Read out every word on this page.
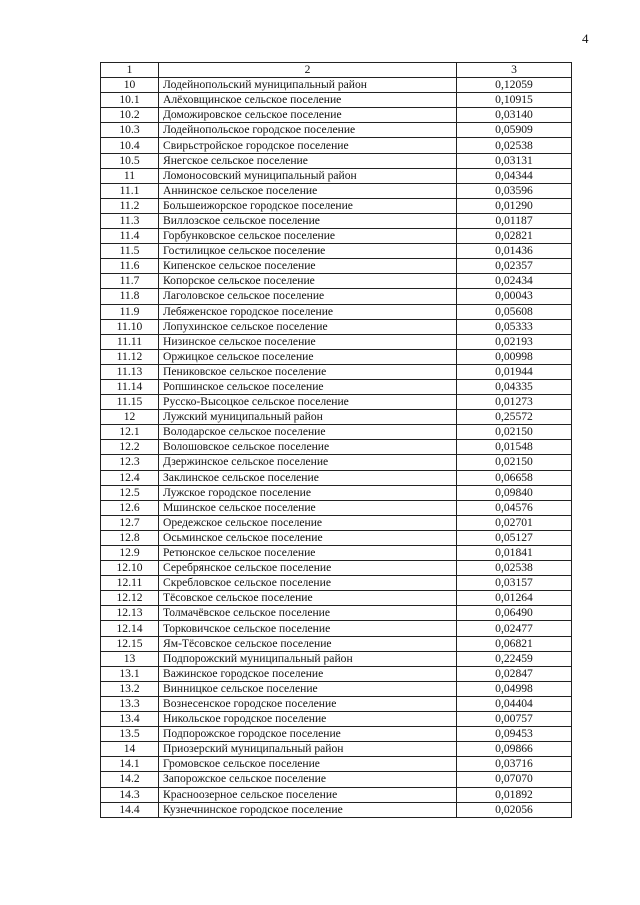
4
1	2	3
10	Лодейнопольский муниципальный район	0,12059
10.1	Алёховщинское сельское поселение	0,10915
10.2	Доможировское сельское поселение	0,03140
10.3	Лодейнопольское городское поселение	0,05909
10.4	Свирьстройское городское поселение	0,02538
10.5	Янегское сельское поселение	0,03131
11	Ломоносовский муниципальный район	0,04344
11.1	Аннинское сельское поселение	0,03596
11.2	Большеижорское городское поселение	0,01290
11.3	Виллозское сельское поселение	0,01187
11.4	Горбунковское сельское поселение	0,02821
11.5	Гостилицкое сельское поселение	0,01436
11.6	Кипенское сельское поселение	0,02357
11.7	Копорское сельское поселение	0,02434
11.8	Лаголовское сельское поселение	0,00043
11.9	Лебяженское городское поселение	0,05608
11.10	Лопухинское сельское поселение	0,05333
11.11	Низинское сельское поселение	0,02193
11.12	Оржицкое сельское поселение	0,00998
11.13	Пениковское сельское поселение	0,01944
11.14	Ропшинское сельское поселение	0,04335
11.15	Русско-Высоцкое сельское поселение	0,01273
12	Лужский муниципальный район	0,25572
12.1	Володарское сельское поселение	0,02150
12.2	Волошовское сельское поселение	0,01548
12.3	Дзержинское сельское поселение	0,02150
12.4	Заклинское сельское поселение	0,06658
12.5	Лужское городское поселение	0,09840
12.6	Мшинское сельское поселение	0,04576
12.7	Оредежское сельское поселение	0,02701
12.8	Осьминское сельское поселение	0,05127
12.9	Ретюнское сельское поселение	0,01841
12.10	Серебрянское сельское поселение	0,02538
12.11	Скребловское сельское поселение	0,03157
12.12	Тёсовское сельское поселение	0,01264
12.13	Толмачёвское сельское поселение	0,06490
12.14	Торковичское сельское поселение	0,02477
12.15	Ям-Тёсовское сельское поселение	0,06821
13	Подпорожский муниципальный район	0,22459
13.1	Важинское городское поселение	0,02847
13.2	Винницкое сельское поселение	0,04998
13.3	Вознесенское городское поселение	0,04404
13.4	Никольское городское поселение	0,00757
13.5	Подпорожское городское поселение	0,09453
14	Приозерский муниципальный район	0,09866
14.1	Громовское сельское поселение	0,03716
14.2	Запорожское сельское поселение	0,07070
14.3	Красноозерное сельское поселение	0,01892
14.4	Кузнечнинское городское поселение	0,02056
